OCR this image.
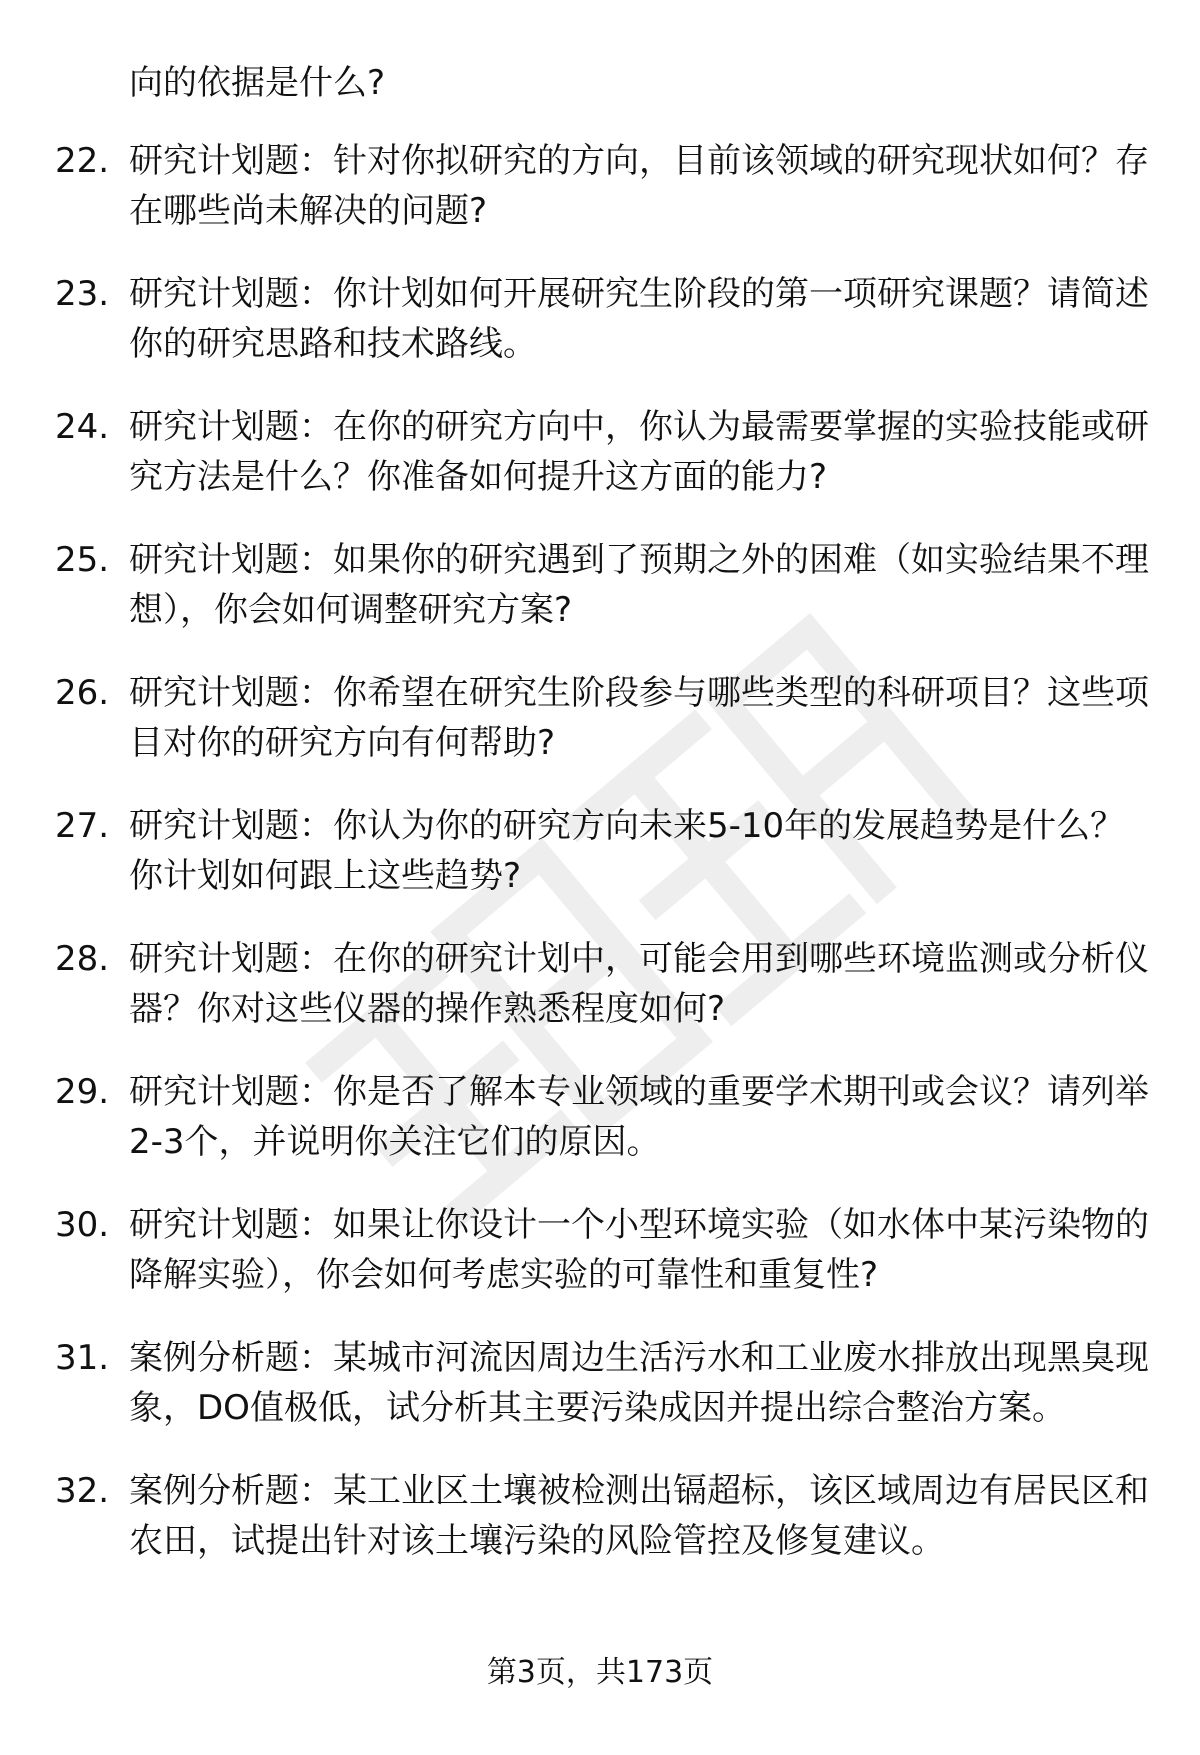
向的依据是什么?

22. 研究计划题：针对你拟研究的方向，目前该领域的研究现状如何？存在哪些尚未解决的问题?
23. 研究计划题：你计划如何开展研究生阶段的第一项研究课题？请简述你的研究思路和技术路线。
24. 研究计划题：在你的研究方向中，你认为最需要掌握的实验技能或研究方法是什么？你准备如何提升这方面的能力?
25. 研究计划题：如果你的研究遇到了预期之外的困难（如实验结果不理想），你会如何调整研究方案?
26. 研究计划题：你希望在研究生阶段参与哪些类型的科研项目？这些项目对你的研究方向有何帮助?
27. 研究计划题：你认为你的研究方向未来5-10年的发展趋势是什么？你计划如何跟上这些趋势?
28. 研究计划题：在你的研究计划中，可能会用到哪些环境监测或分析仪器？你对这些仪器的操作熟悉程度如何?
29. 研究计划题：你是否了解本专业领域的重要学术期刊或会议？请列举2-3个，并说明你关注它们的原因。
30. 研究计划题：如果让你设计一个小型环境实验（如水体中某污染物的降解实验），你会如何考虑实验的可靠性和重复性?
31. 案例分析题：某城市河流因周边生活污水和工业废水排放出现黑臭现象，DO值极低，试分析其主要污染成因并提出综合整治方案。
32. 案例分析题：某工业区土壤被检测出镉超标，该区域周边有居民区和农田，试提出针对该土壤污染的风险管控及修复建议。
第3页，共173页
